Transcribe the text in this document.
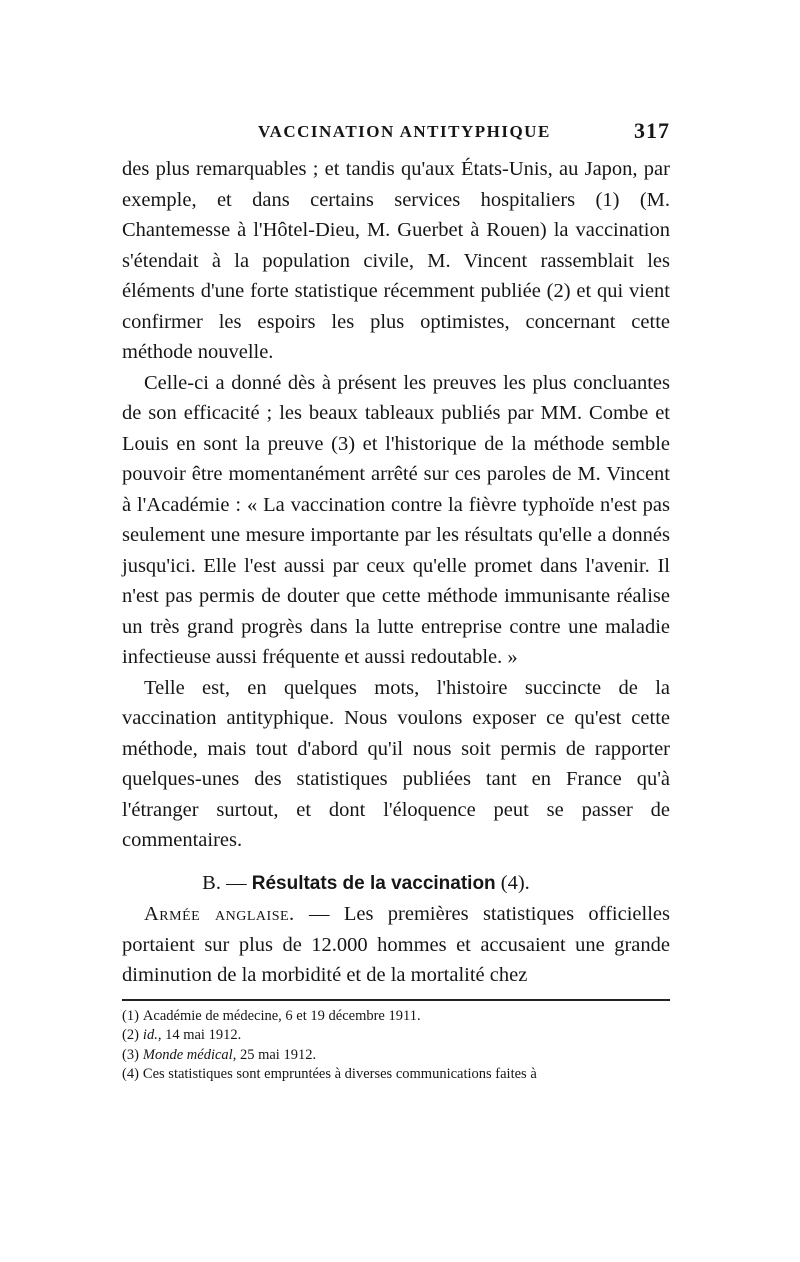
VACCINATION ANTITYPHIQUE	317

des plus remarquables ; et tandis qu'aux États-Unis, au Japon, par exemple, et dans certains services hospitaliers (1) (M. Chantemesse à l'Hôtel-Dieu, M. Guerbet à Rouen) la vaccination s'étendait à la population civile, M. Vincent rassemblait les éléments d'une forte statistique récemment publiée (2) et qui vient confirmer les espoirs les plus optimistes, concernant cette méthode nouvelle.

Celle-ci a donné dès à présent les preuves les plus concluantes de son efficacité ; les beaux tableaux publiés par MM. Combe et Louis en sont la preuve (3) et l'historique de la méthode semble pouvoir être momentanément arrêté sur ces paroles de M. Vincent à l'Académie : « La vaccination contre la fièvre typhoïde n'est pas seulement une mesure importante par les résultats qu'elle a donnés jusqu'ici. Elle l'est aussi par ceux qu'elle promet dans l'avenir. Il n'est pas permis de douter que cette méthode immunisante réalise un très grand progrès dans la lutte entreprise contre une maladie infectieuse aussi fréquente et aussi redoutable. »

Telle est, en quelques mots, l'histoire succincte de la vaccination antityphique. Nous voulons exposer ce qu'est cette méthode, mais tout d'abord qu'il nous soit permis de rapporter quelques-unes des statistiques publiées tant en France qu'à l'étranger surtout, et dont l'éloquence peut se passer de commentaires.

B. — Résultats de la vaccination (4).

Armée anglaise. — Les premières statistiques officielles portaient sur plus de 12.000 hommes et accusaient une grande diminution de la morbidité et de la mortalité chez

(1) Académie de médecine, 6 et 19 décembre 1911.

(2) id., 14 mai 1912.

(3) Monde médical, 25 mai 1912.

(4) Ces statistiques sont empruntées à diverses communications faites à
